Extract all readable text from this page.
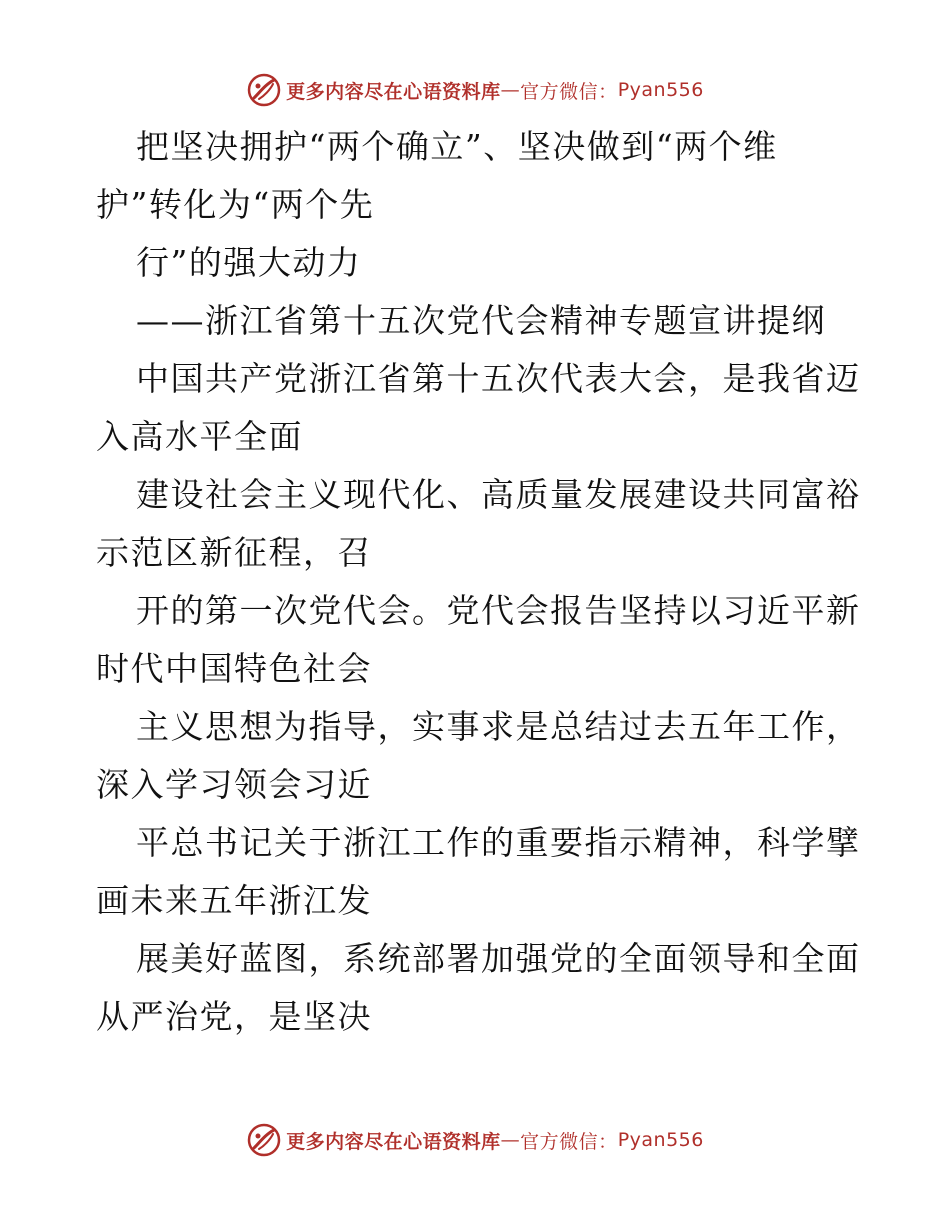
更多内容尽在心语资料库 — 官方微信： Pyan556
把坚决拥护“两个确立”、坚决做到“两个维
护”转化为“两个先
行”的强大动力
——浙江省第十五次党代会精神专题宣讲提纲
中国共产党浙江省第十五次代表大会，是我省迈
入高水平全面
建设社会主义现代化、高质量发展建设共同富裕
示范区新征程，召
开的第一次党代会。党代会报告坚持以习近平新
时代中国特色社会
主义思想为指导，实事求是总结过去五年工作，
深入学习领会习近
平总书记关于浙江工作的重要指示精神，科学擘
画未来五年浙江发
展美好蓝图，系统部署加强党的全面领导和全面
从严治党，是坚决
更多内容尽在心语资料库 — 官方微信： Pyan556
